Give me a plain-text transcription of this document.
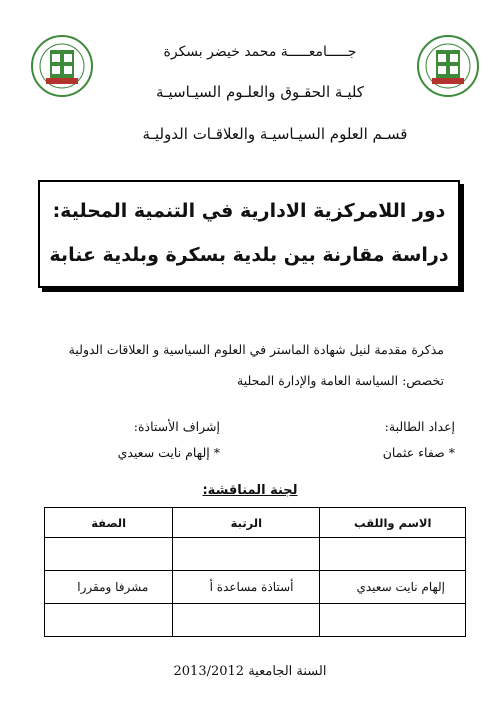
جـــــامعـــــة محمد خيضر بسكرة
كليـة الحقـوق والعلـوم السيـاسيـة
قسـم العلوم السيـاسيـة والعلاقـات الدوليـة
دور اللامركزية الادارية في التنمية المحلية:
دراسة مقارنة بين بلدية بسكرة وبلدية عنابة
مذكرة مقدمة لنيل شهادة الماستر في العلوم السياسية و العلاقات الدولية
تخصص: السياسة العامة والإدارة المحلية
إعداد الطالبة:
* صفاء عثمان
إشراف الأستاذة:
* إلهام نايت سعيدي
لجنة المناقشة:
الاسم واللقب	الرتبة	الصفة

إلهام نايت سعيدي	أستاذة مساعدة أ	مشرفا ومقررا

السنة الجامعية 2013/2012
